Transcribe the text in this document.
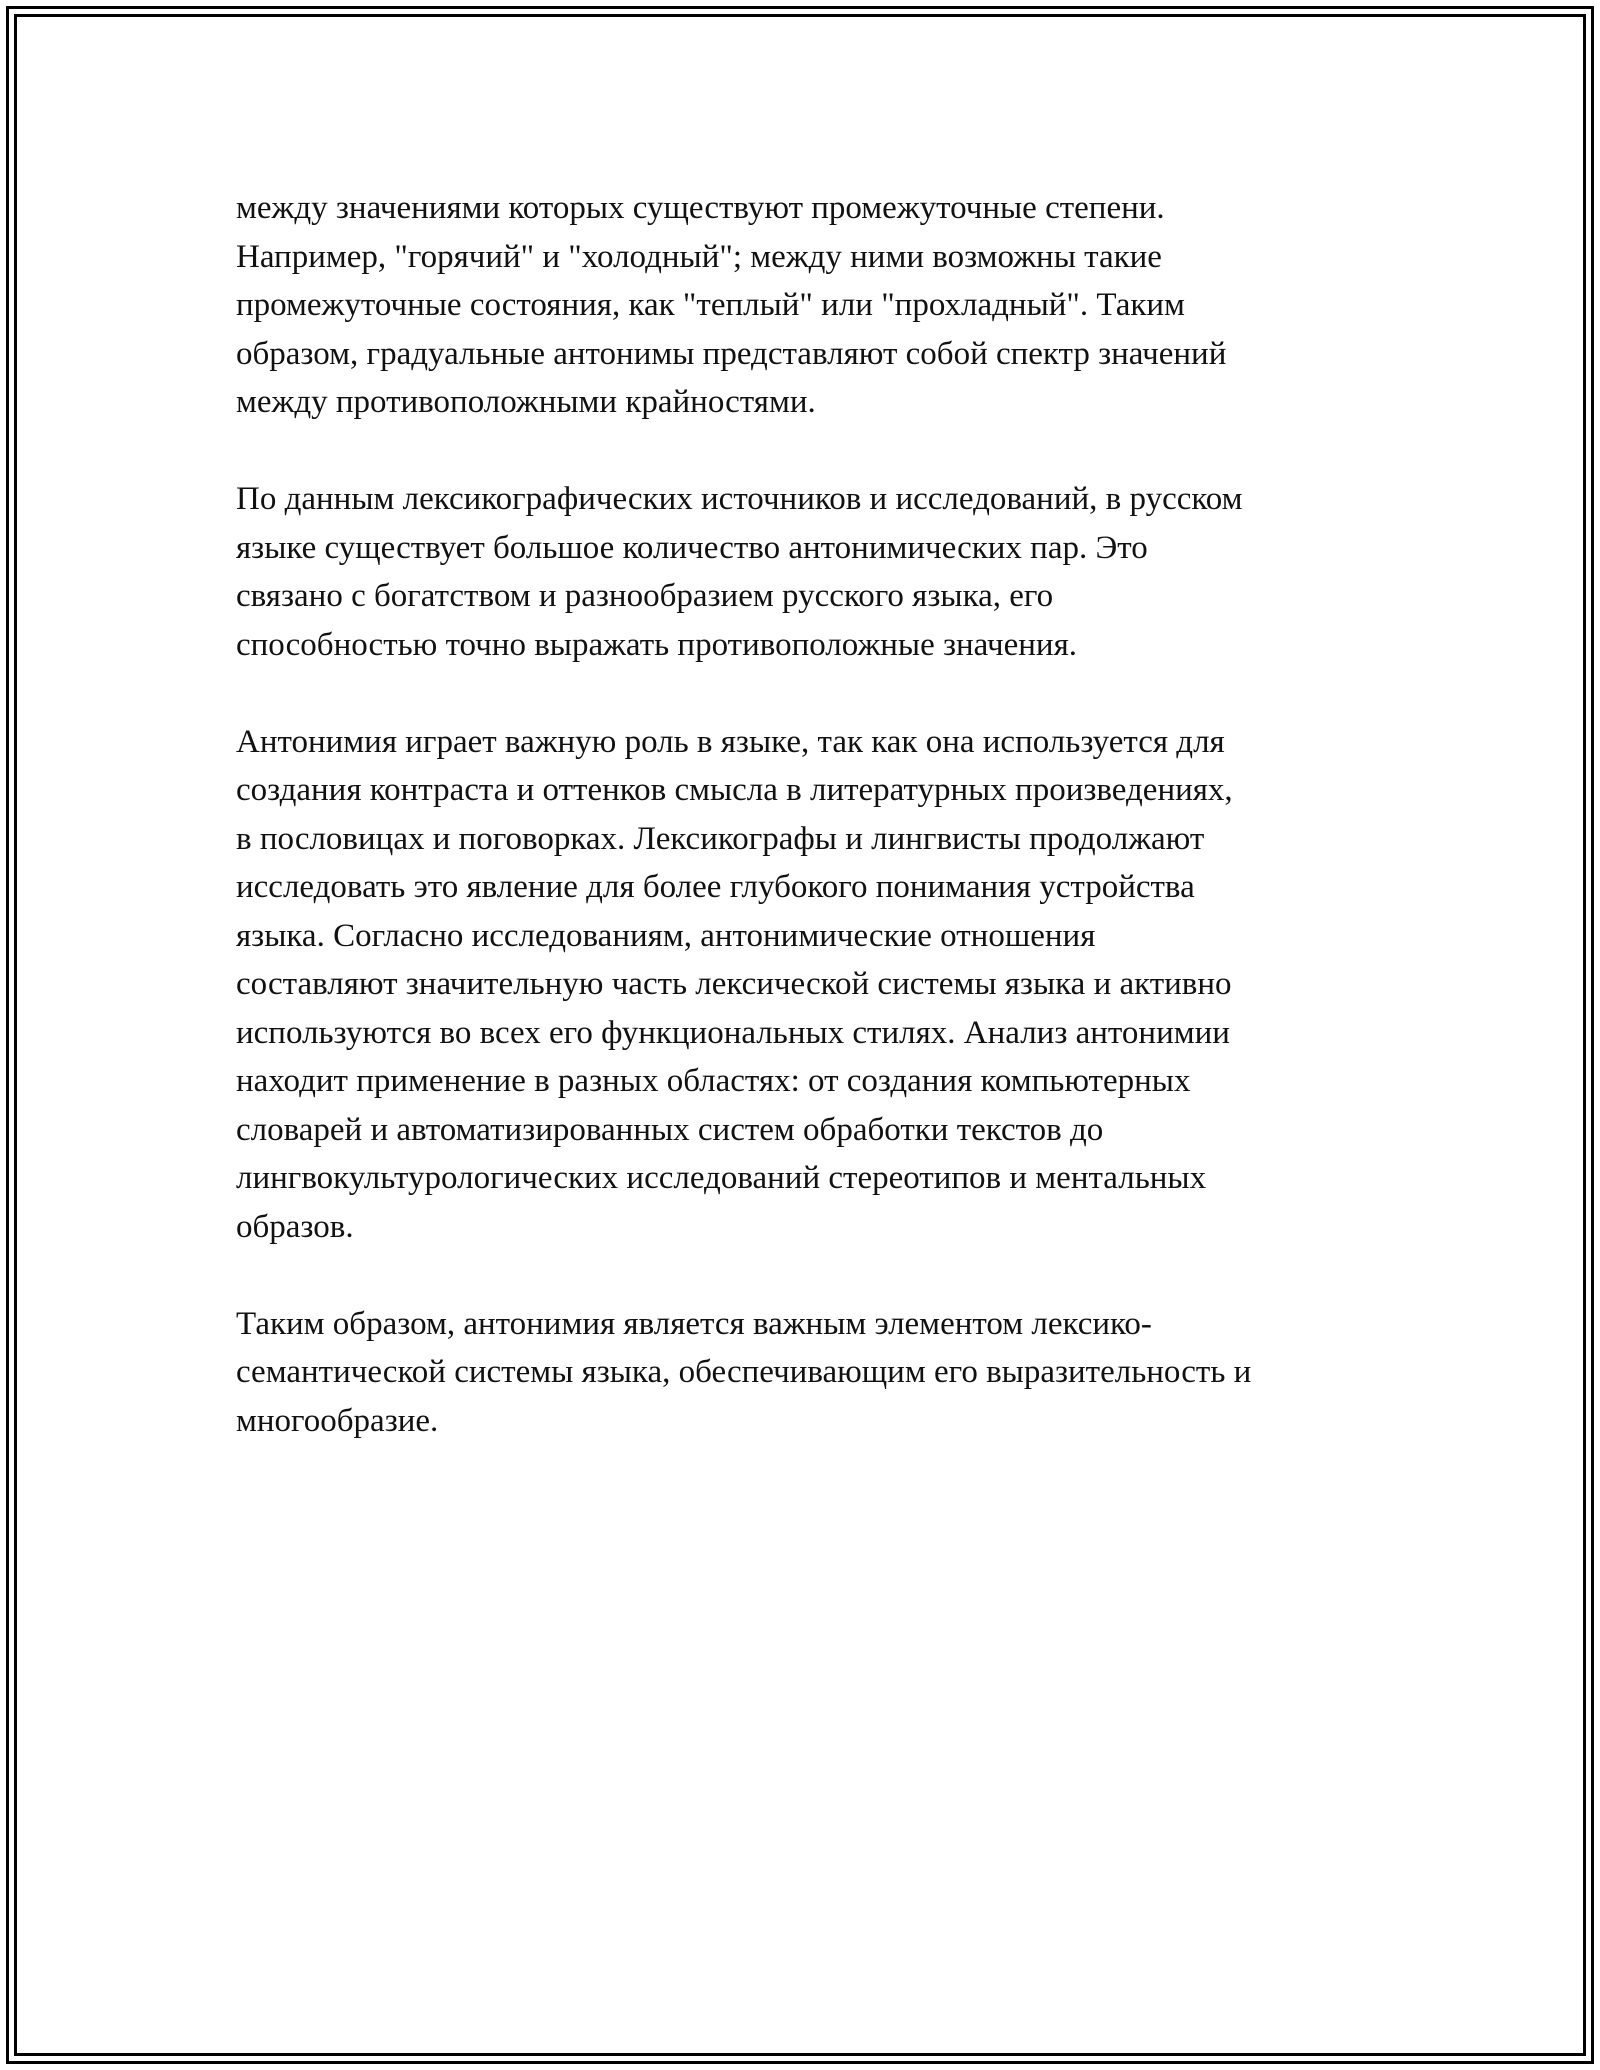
между значениями которых существуют промежуточные степени.
Например, "горячий" и "холодный"; между ними возможны такие
промежуточные состояния, как "теплый" или "прохладный". Таким
образом, градуальные антонимы представляют собой спектр значений
между противоположными крайностями.

По данным лексикографических источников и исследований, в русском
языке существует большое количество антонимических пар. Это
связано с богатством и разнообразием русского языка, его
способностью точно выражать противоположные значения.

Антонимия играет важную роль в языке, так как она используется для
создания контраста и оттенков смысла в литературных произведениях,
в пословицах и поговорках. Лексикографы и лингвисты продолжают
исследовать это явление для более глубокого понимания устройства
языка. Согласно исследованиям, антонимические отношения
составляют значительную часть лексической системы языка и активно
используются во всех его функциональных стилях. Анализ антонимии
находит применение в разных областях: от создания компьютерных
словарей и автоматизированных систем обработки текстов до
лингвокультурологических исследований стереотипов и ментальных
образов.

Таким образом, антонимия является важным элементом лексико-
семантической системы языка, обеспечивающим его выразительность и
многообразие.
